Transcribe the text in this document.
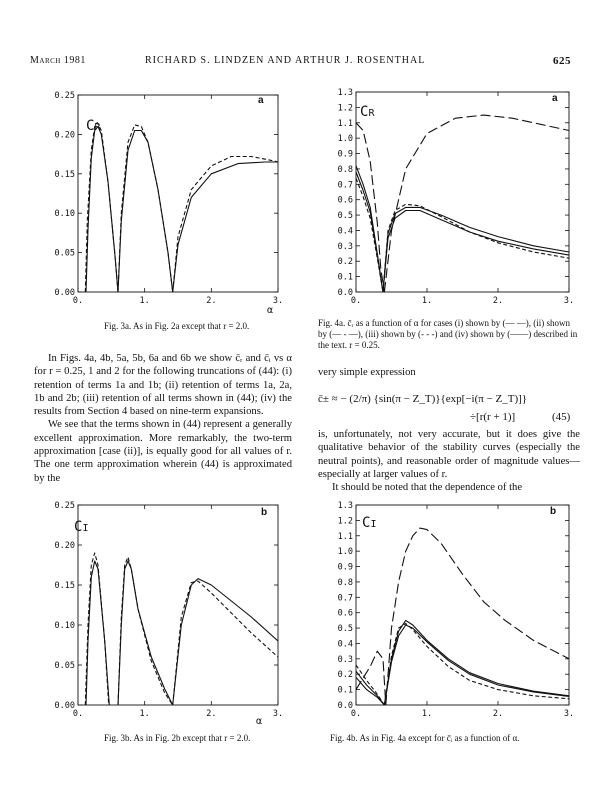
March 1981	RICHARD S. LINDZEN AND ARTHUR J. ROSENTHAL	625
0.00
0.05
0.10
0.15
0.20
0.25
0.	1.	2.	3.
0.0
0.1
0.2
0.3
0.4
0.5
0.6
0.7
0.8
0.9
1.0
1.1
1.2
1.3
0.	1.	2.	3.
0.00
0.05
0.10
0.15
0.20
0.25
0.	1.	2.	3.
0.0
0.1
0.2
0.3
0.4
0.5
0.6
0.7
0.8
0.9
1.0
1.1
1.2
1.3
0.	1.	2.	3.
Fig. 3a. As in Fig. 2a except that r = 2.0.	Fig. 4a. c̄ᵣ as a function of α for cases (i) shown by (— —), (ii) shown by (— - —), (iii) shown by (- - -) and (iv) shown by (——) described in the text. r = 0.25.
Fig. 3b. As in Fig. 2b except that r = 2.0.	Fig. 4b. As in Fig. 4a except for c̄ᵢ as a function of α.

In Figs. 4a, 4b, 5a, 5b, 6a and 6b we show c̄ᵣ and c̄ᵢ vs α for r = 0.25, 1 and 2 for the following truncations of (44): (i) retention of terms 1a and 1b; (ii) retention of terms 1a, 2a, 1b and 2b; (iii) retention of all terms shown in (44); (iv) the results from Section 4 based on nine-term expansions.

We see that the terms shown in (44) represent a generally excellent approximation. More remarkably, the two-term approximation [case (ii)], is equally good for all values of r. The one term approximation wherein (44) is approximated by the

very simple expression
c̄± ≈ − (2/π) {sin(π − Z_T)}{exp[−i(π − Z_T)]}
÷[r(r + 1)]	(45)

is, unfortunately, not very accurate, but it does give the qualitative behavior of the stability curves (especially the neutral points), and reasonable order of magnitude values—especially at larger values of r.

It should be noted that the dependence of the

CR
a
α
CR
a
CI
b
α
CI
b
